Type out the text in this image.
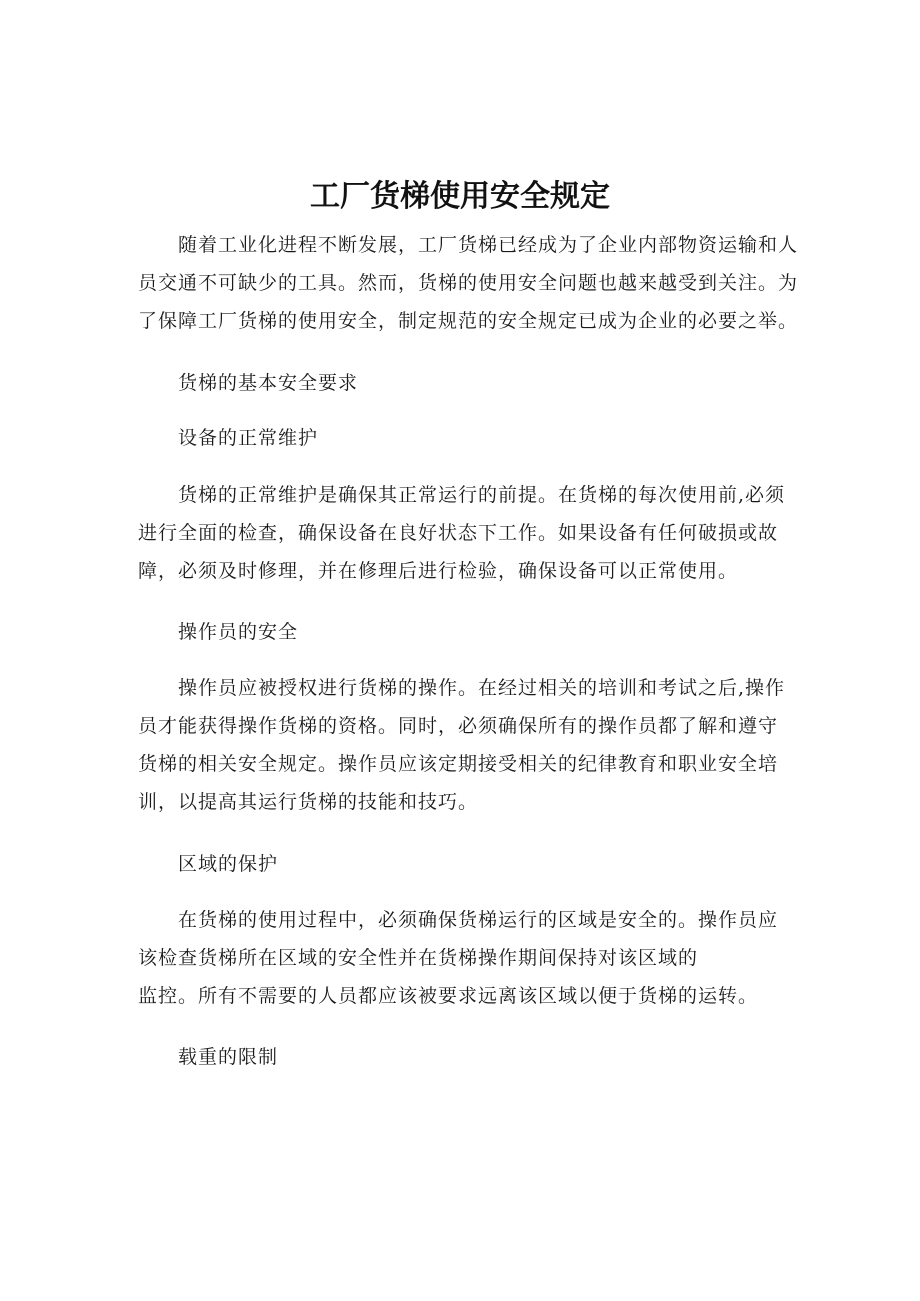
工厂货梯使用安全规定
随着工业化进程不断发展，工厂货梯已经成为了企业内部物资运输和人
员交通不可缺少的工具。然而，货梯的使用安全问题也越来越受到关注。为
了保障工厂货梯的使用安全，制定规范的安全规定已成为企业的必要之举。
货梯的基本安全要求
设备的正常维护
货梯的正常维护是确保其正常运行的前提。在货梯的每次使用前,必须
进行全面的检查，确保设备在良好状态下工作。如果设备有任何破损或故
障，必须及时修理，并在修理后进行检验，确保设备可以正常使用。
操作员的安全
操作员应被授权进行货梯的操作。在经过相关的培训和考试之后,操作
员才能获得操作货梯的资格。同时，必须确保所有的操作员都了解和遵守
货梯的相关安全规定。操作员应该定期接受相关的纪律教育和职业安全培
训，以提高其运行货梯的技能和技巧。
区域的保护
在货梯的使用过程中，必须确保货梯运行的区域是安全的。操作员应
该检查货梯所在区域的安全性并在货梯操作期间保持对该区域的
监控。所有不需要的人员都应该被要求远离该区域以便于货梯的运转。
载重的限制
